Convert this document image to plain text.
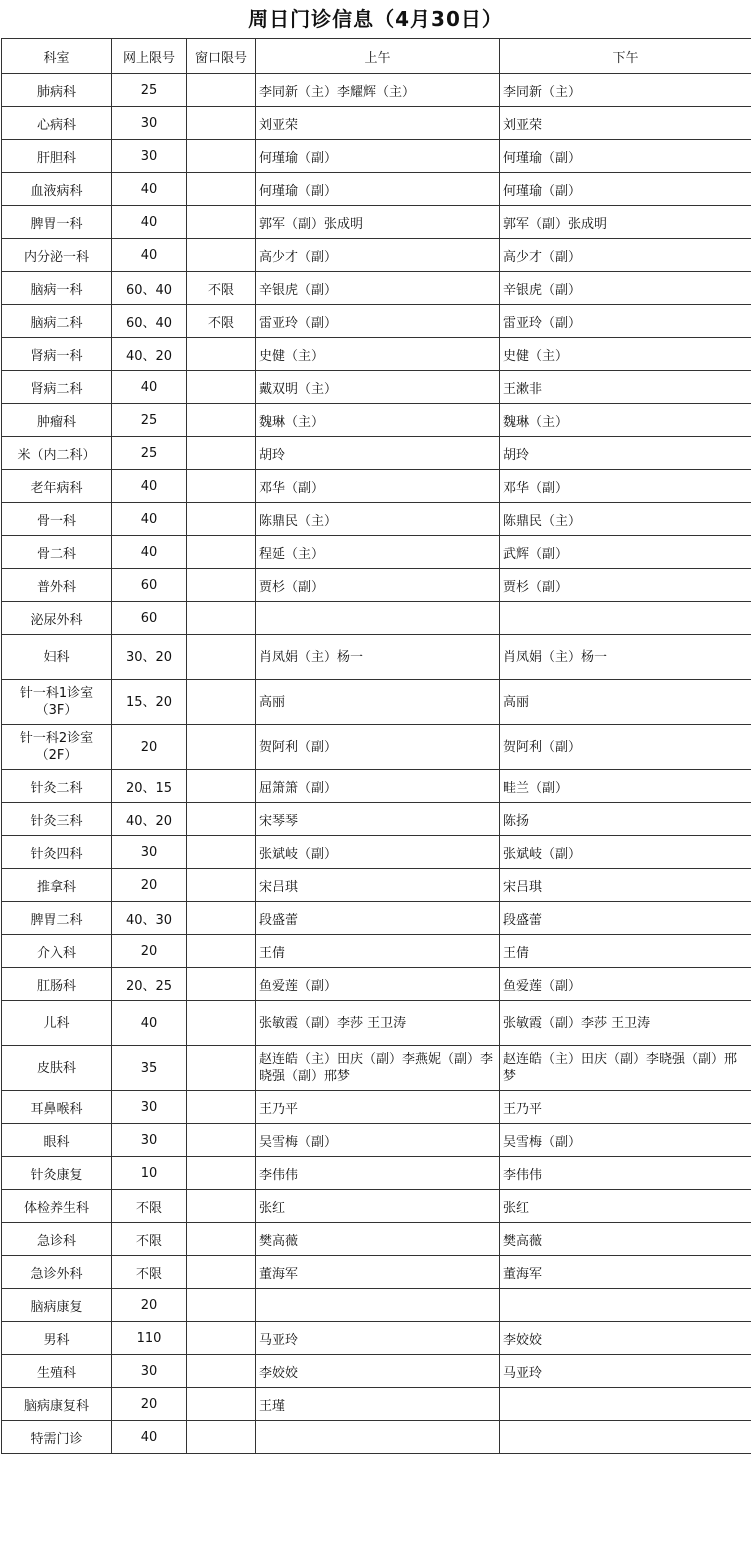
周日门诊信息（4月30日）
科室	网上限号	窗口限号	上午	下午
肺病科	25		李同新（主）李耀辉（主）	李同新（主）
心病科	30		刘亚荣	刘亚荣
肝胆科	30		何瑾瑜（副）	何瑾瑜（副）
血液病科	40		何瑾瑜（副）	何瑾瑜（副）
脾胃一科	40		郭军（副）张成明	郭军（副）张成明
内分泌一科	40		高少才（副）	高少才（副）
脑病一科	60、40	不限	辛银虎（副）	辛银虎（副）
脑病二科	60、40	不限	雷亚玲（副）	雷亚玲（副）
肾病一科	40、20		史健（主）	史健（主）
肾病二科	40		戴双明（主）	王漱非
肿瘤科	25		魏琳（主）	魏琳（主）
米（内二科）	25		胡玲	胡玲
老年病科	40		邓华（副）	邓华（副）
骨一科	40		陈鼎民（主）	陈鼎民（主）
骨二科	40		程延（主）	武辉（副）
普外科	60		贾杉（副）	贾杉（副）
泌尿外科	60			
妇科	30、20		肖凤娟（主）杨一	肖凤娟（主）杨一
针一科1诊室（3F）	15、20		高丽	高丽
针一科2诊室（2F）	20		贺阿利（副）	贺阿利（副）
针灸二科	20、15		屈箫箫（副）	畦兰（副）
针灸三科	40、20		宋琴琴	陈扬
针灸四科	30		张斌岐（副）	张斌岐（副）
推拿科	20		宋吕琪	宋吕琪
脾胃二科	40、30		段盛蕾	段盛蕾
介入科	20		王倩	王倩
肛肠科	20、25		鱼爱莲（副）	鱼爱莲（副）
儿科	40		张敏霞（副）李莎 王卫涛	张敏霞（副）李莎 王卫涛
皮肤科	35		赵连皓（主）田庆（副）李燕妮（副）李晓强（副）邢梦	赵连皓（主）田庆（副）李晓强（副）邢梦
耳鼻喉科	30		王乃平	王乃平
眼科	30		吴雪梅（副）	吴雪梅（副）
针灸康复	10		李伟伟	李伟伟
体检养生科	不限		张红	张红
急诊科	不限		樊高薇	樊高薇
急诊外科	不限		董海军	董海军
脑病康复	20			
男科	110		马亚玲	李姣姣
生殖科	30		李姣姣	马亚玲
脑病康复科	20		王瑾	
特需门诊	40			
